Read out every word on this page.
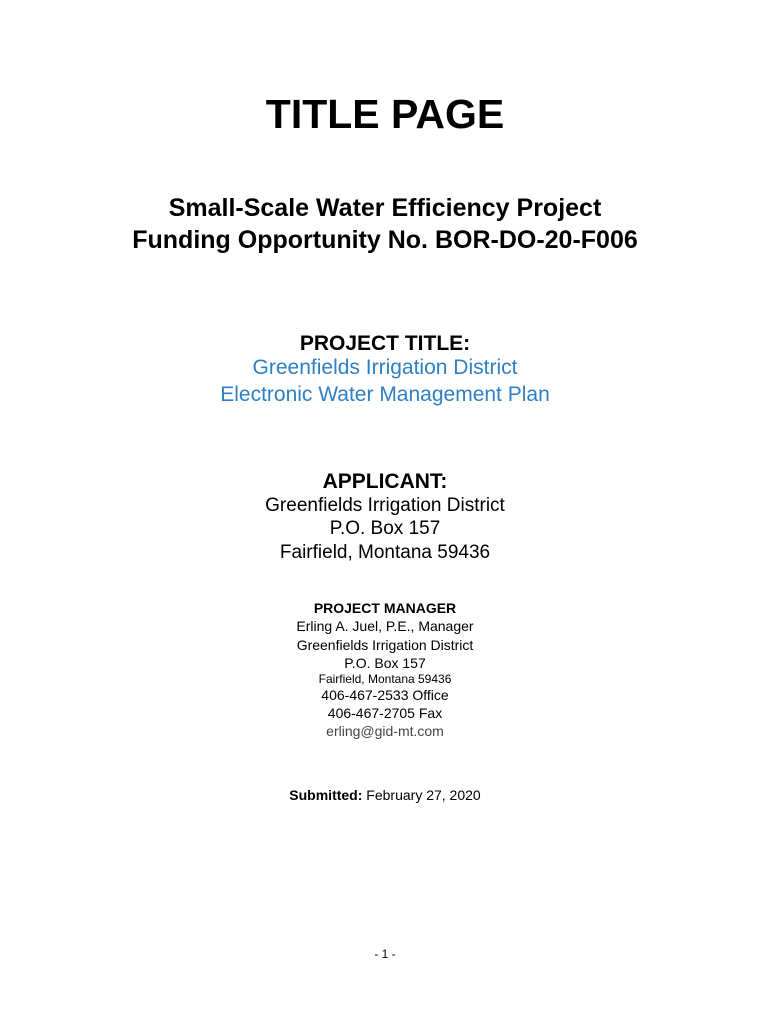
TITLE PAGE
Small-Scale Water Efficiency Project
Funding Opportunity No. BOR-DO-20-F006
PROJECT TITLE:
Greenfields Irrigation District
Electronic Water Management Plan
APPLICANT:
Greenfields Irrigation District
P.O. Box 157
Fairfield, Montana 59436
PROJECT MANAGER
Erling A. Juel, P.E., Manager
Greenfields Irrigation District
P.O. Box 157
Fairfield, Montana 59436
406-467-2533 Office
406-467-2705 Fax
erling@gid-mt.com
Submitted: February 27, 2020
- 1 -
